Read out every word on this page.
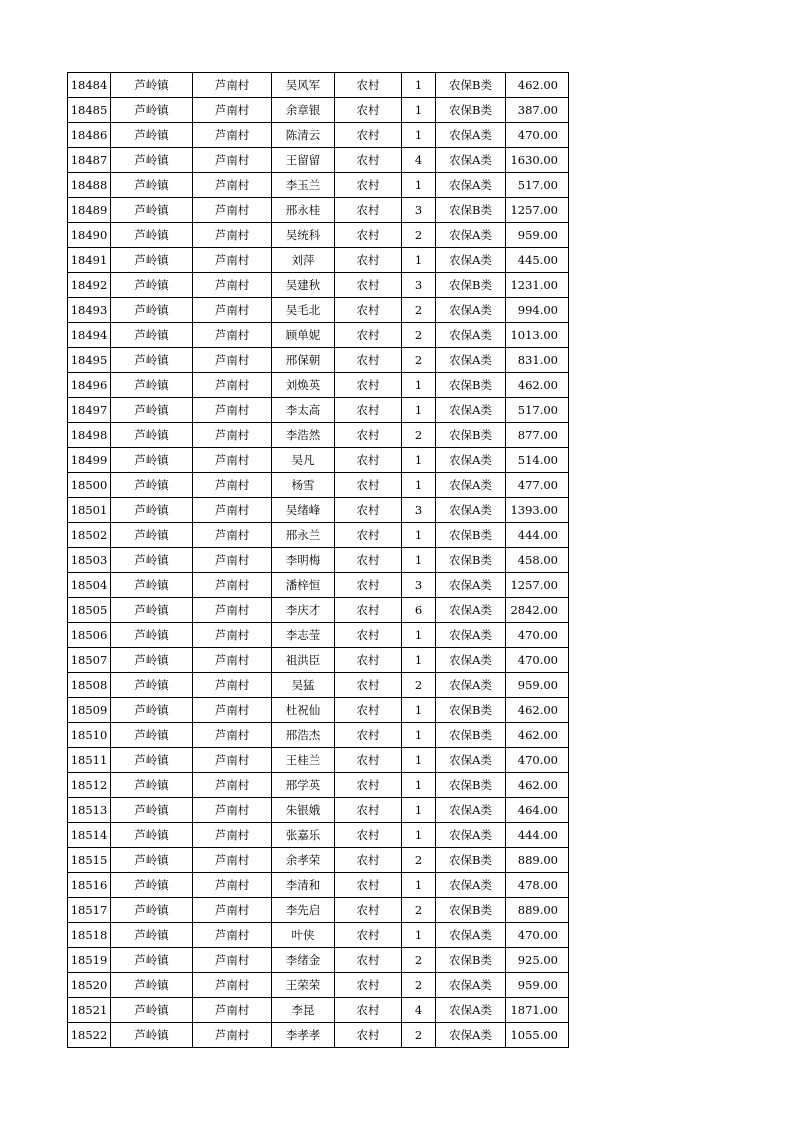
18484	芦岭镇	芦南村	吴风军	农村	1	农保B类	462.00
18485	芦岭镇	芦南村	余章银	农村	1	农保B类	387.00
18486	芦岭镇	芦南村	陈清云	农村	1	农保A类	470.00
18487	芦岭镇	芦南村	王留留	农村	4	农保A类	1630.00
18488	芦岭镇	芦南村	李玉兰	农村	1	农保A类	517.00
18489	芦岭镇	芦南村	邢永桂	农村	3	农保B类	1257.00
18490	芦岭镇	芦南村	吴统科	农村	2	农保A类	959.00
18491	芦岭镇	芦南村	刘萍	农村	1	农保A类	445.00
18492	芦岭镇	芦南村	吴建秋	农村	3	农保B类	1231.00
18493	芦岭镇	芦南村	吴毛北	农村	2	农保A类	994.00
18494	芦岭镇	芦南村	顾单妮	农村	2	农保A类	1013.00
18495	芦岭镇	芦南村	邢保朝	农村	2	农保A类	831.00
18496	芦岭镇	芦南村	刘焕英	农村	1	农保B类	462.00
18497	芦岭镇	芦南村	李太高	农村	1	农保A类	517.00
18498	芦岭镇	芦南村	李浩然	农村	2	农保B类	877.00
18499	芦岭镇	芦南村	吴凡	农村	1	农保A类	514.00
18500	芦岭镇	芦南村	杨雪	农村	1	农保A类	477.00
18501	芦岭镇	芦南村	吴绪峰	农村	3	农保A类	1393.00
18502	芦岭镇	芦南村	邢永兰	农村	1	农保B类	444.00
18503	芦岭镇	芦南村	李明梅	农村	1	农保B类	458.00
18504	芦岭镇	芦南村	潘梓恒	农村	3	农保A类	1257.00
18505	芦岭镇	芦南村	李庆才	农村	6	农保A类	2842.00
18506	芦岭镇	芦南村	李志莹	农村	1	农保A类	470.00
18507	芦岭镇	芦南村	祖洪臣	农村	1	农保A类	470.00
18508	芦岭镇	芦南村	吴猛	农村	2	农保A类	959.00
18509	芦岭镇	芦南村	杜祝仙	农村	1	农保B类	462.00
18510	芦岭镇	芦南村	邢浩杰	农村	1	农保B类	462.00
18511	芦岭镇	芦南村	王桂兰	农村	1	农保A类	470.00
18512	芦岭镇	芦南村	邢学英	农村	1	农保B类	462.00
18513	芦岭镇	芦南村	朱银娥	农村	1	农保A类	464.00
18514	芦岭镇	芦南村	张嘉乐	农村	1	农保A类	444.00
18515	芦岭镇	芦南村	余孝荣	农村	2	农保B类	889.00
18516	芦岭镇	芦南村	李清和	农村	1	农保A类	478.00
18517	芦岭镇	芦南村	李先启	农村	2	农保B类	889.00
18518	芦岭镇	芦南村	叶侠	农村	1	农保A类	470.00
18519	芦岭镇	芦南村	李绪金	农村	2	农保B类	925.00
18520	芦岭镇	芦南村	王荣荣	农村	2	农保A类	959.00
18521	芦岭镇	芦南村	李昆	农村	4	农保A类	1871.00
18522	芦岭镇	芦南村	李孝孝	农村	2	农保A类	1055.00
